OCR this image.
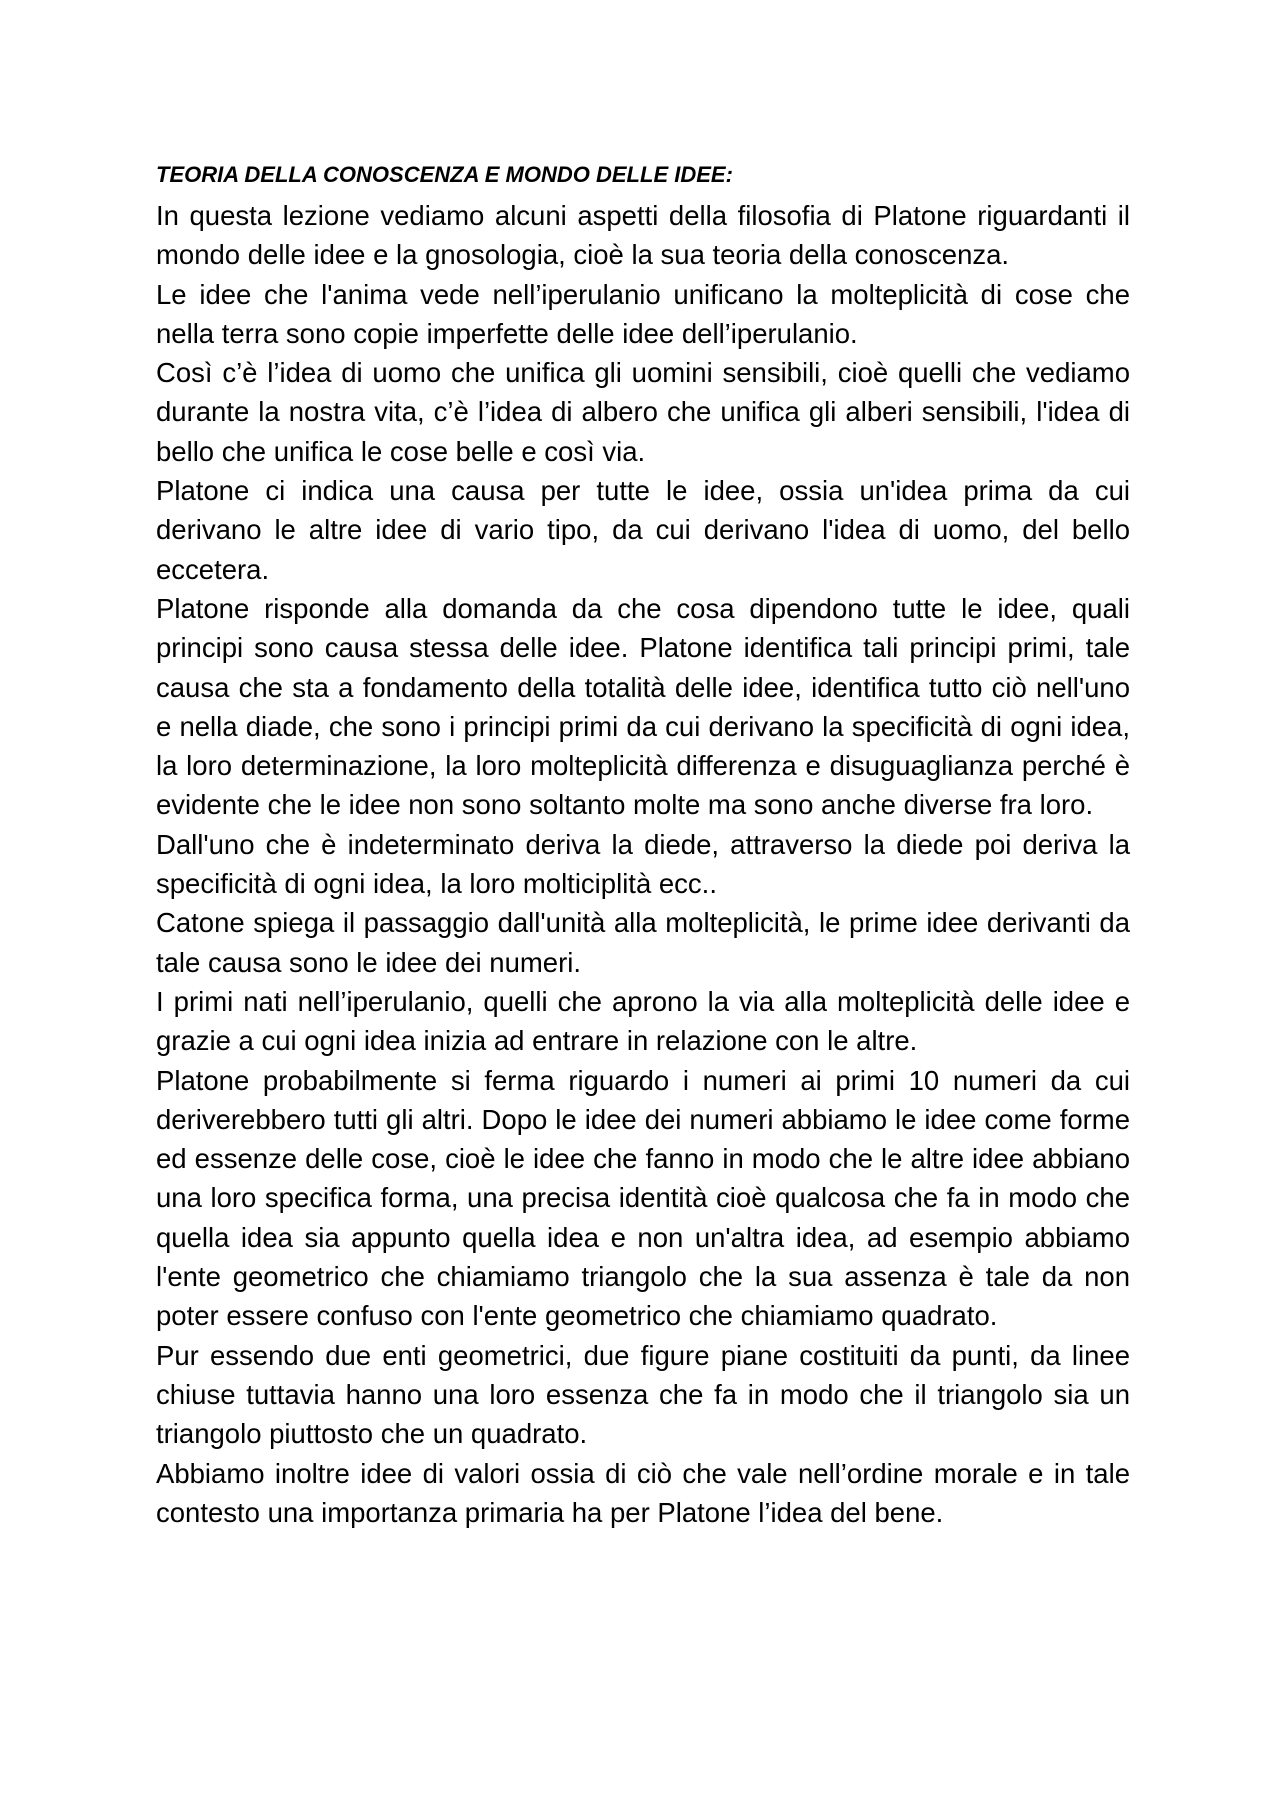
TEORIA DELLA CONOSCENZA E MONDO DELLE IDEE:

In questa lezione vediamo alcuni aspetti della filosofia di Platone riguardanti il mondo delle idee e la gnosologia, cioè la sua teoria della conoscenza.

Le idee che l'anima vede nell’iperulanio unificano la molteplicità di cose che nella terra sono copie imperfette delle idee dell’iperulanio.

Così c’è l’idea di uomo che unifica gli uomini sensibili, cioè quelli che vediamo durante la nostra vita, c’è l’idea di albero che unifica gli alberi sensibili, l'idea di bello che unifica le cose belle e così via.

Platone ci indica una causa per tutte le idee, ossia un'idea prima da cui derivano le altre idee di vario tipo, da cui derivano l'idea di uomo, del bello eccetera.

Platone risponde alla domanda da che cosa dipendono tutte le idee, quali principi sono causa stessa delle idee. Platone identifica tali principi primi, tale causa che sta a fondamento della totalità delle idee, identifica tutto ciò nell'uno e nella diade, che sono i principi primi da cui derivano la specificità di ogni idea, la loro determinazione, la loro molteplicità differenza e disuguaglianza perché è evidente che le idee non sono soltanto molte ma sono anche diverse fra loro.

Dall'uno che è indeterminato deriva la diede, attraverso la diede poi deriva la specificità di ogni idea, la loro molticiplità ecc..

Catone spiega il passaggio dall'unità alla molteplicità, le prime idee derivanti da tale causa sono le idee dei numeri.

I primi nati nell’iperulanio, quelli che aprono la via alla molteplicità delle idee e grazie a cui ogni idea inizia ad entrare in relazione con le altre.

Platone probabilmente si ferma riguardo i numeri ai primi 10 numeri da cui deriverebbero tutti gli altri. Dopo le idee dei numeri abbiamo le idee come forme ed essenze delle cose, cioè le idee che fanno in modo che le altre idee abbiano una loro specifica forma, una precisa identità cioè qualcosa che fa in modo che quella idea sia appunto quella idea e non un'altra idea, ad esempio abbiamo l'ente geometrico che chiamiamo triangolo che la sua assenza è tale da non poter essere confuso con l'ente geometrico che chiamiamo quadrato.

Pur essendo due enti geometrici, due figure piane costituiti da punti, da linee chiuse tuttavia hanno una loro essenza che fa in modo che il triangolo sia un triangolo piuttosto che un quadrato.

Abbiamo inoltre idee di valori ossia di ciò che vale nell’ordine morale e in tale contesto una importanza primaria ha per Platone l’idea del bene.
